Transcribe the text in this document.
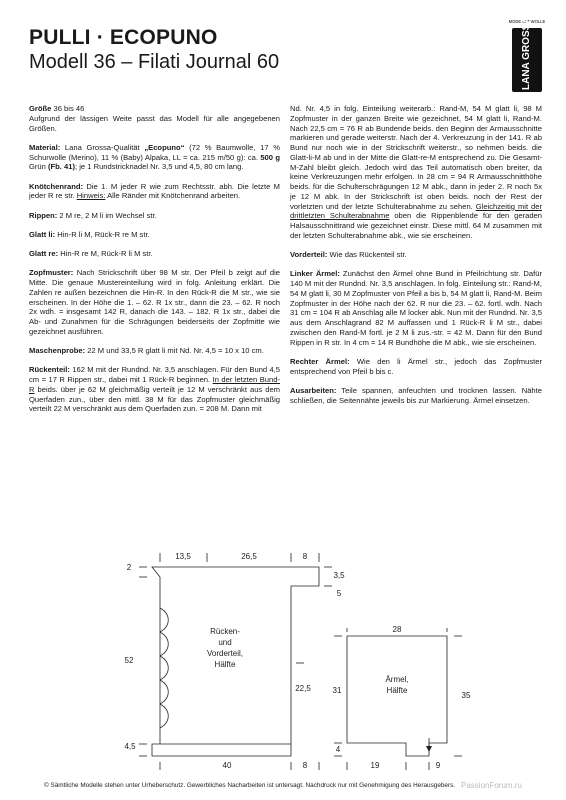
PULLI · ECOPUNO
Modell 36 – Filati Journal 60
MODE MIT WOLLE
LANA GROSSA

Größe 36 bis 46
Aufgrund der lässigen Weite passt das Modell für alle angegebenen Größen.

Material: Lana Grossa-Qualität „Ecopuno“ (72 % Baumwolle, 17 % Schurwolle (Merino), 11 % (Baby) Alpaka, LL = ca. 215 m/50 g): ca. 500 g Grün (Fb. 41); je 1 Rundstricknadel Nr. 3,5 und 4,5, 80 cm lang.

Knötchenrand: Die 1. M jeder R wie zum Rechtsstr. abh. Die letzte M jeder R re str. Hinweis: Alle Ränder mit Knötchenrand arbeiten.

Rippen: 2 M re, 2 M li im Wechsel str.

Glatt li: Hin-R li M, Rück-R re M str.

Glatt re: Hin-R re M, Rück-R li M str.

Zopfmuster: Nach Strickschrift über 98 M str. Der Pfeil b zeigt auf die Mitte. Die genaue Mustereinteilung wird in folg. Anleitung erklärt. Die Zahlen re außen bezeichnen die Hin-R. In den Rück-R die M str., wie sie erscheinen. In der Höhe die 1. – 62. R 1x str., dann die 23. – 62. R noch 2x wdh. = insgesamt 142 R, danach die 143. – 182. R 1x str., dabei die Ab- und Zunahmen für die Schrägungen beiderseits der Zopfmitte wie gezeichnet ausführen.

Maschenprobe: 22 M und 33,5 R glatt li mit Nd. Nr. 4,5 = 10 x 10 cm.

Rückenteil: 162 M mit der Rundnd. Nr. 3,5 anschlagen. Für den Bund 4,5 cm = 17 R Rippen str., dabei mit 1 Rück-R beginnen. In der letzten Bund-R beids. über je 62 M gleichmäßig verteilt je 12 M verschränkt aus dem Querfaden zun., über den mittl. 38 M für das Zopfmuster gleichmäßig verteilt 22 M verschränkt aus dem Querfaden zun. = 208 M. Dann mit

Nd. Nr. 4,5 in folg. Einteilung weiterarb.: Rand-M, 54 M glatt li, 98 M Zopfmuster in der ganzen Breite wie gezeichnet, 54 M glatt li, Rand-M. Nach 22,5 cm = 76 R ab Bundende beids. den Beginn der Armausschnitte markieren und gerade weiterstr. Nach der 4. Verkreuzung in der 141. R ab Bund nur noch wie in der Strickschrift weiterstr., so nehmen beids. die Glatt-li-M ab und in der Mitte die Glatt-re-M entsprechend zu. Die Gesamt-M-Zahl bleibt gleich. Jedoch wird das Teil automatisch oben breiter, da keine Verkreuzungen mehr erfolgen. In 28 cm = 94 R Armausschnitthöhe beids. für die Schulterschrägungen 12 M abk., dann in jeder 2. R noch 5x je 12 M abk. In der Strickschrift ist oben beids. noch der Rest der vorletzten und der letzte Schulterabnahme zu sehen. Gleichzeitig mit der drittletzten Schulterabnahme oben die Rippenblende für den geraden Halsausschnittrand wie gezeichnet einstr. Diese mittl. 64 M zusammen mit der letzten Schulterabnahme abk., wie sie erscheinen.

Vorderteil: Wie das Rückenteil str.

Linker Ärmel: Zunächst den Ärmel ohne Bund in Pfeilrichtung str. Dafür 140 M mit der Rundnd. Nr. 3,5 anschlagen. In folg. Einteilung str.: Rand-M, 54 M glatt li, 30 M Zopfmuster von Pfeil a bis b, 54 M glatt li, Rand-M. Beim Zopfmuster in der Höhe nach der 62. R nur die 23. – 62. fortl. wdh. Nach 31 cm = 104 R ab Anschlag alle M locker abk. Nun mit der Rundnd. Nr. 3,5 aus dem Anschlagrand 82 M auffassen und 1 Rück-R li M str., dabei zwischen den Rand-M fortl. je 2 M li zus.-str. = 42 M. Dann für den Bund Rippen in R str. In 4 cm = 14 R Bundhöhe die M abk., wie sie erscheinen.

Rechter Ärmel: Wie den li Ärmel str., jedoch das Zopfmuster entsprechend von Pfeil b bis c.

Ausarbeiten: Teile spannen, anfeuchten und trocknen lassen. Nähte schließen, die Seitennähte jeweils bis zur Markierung. Ärmel einsetzen.

13,5	26,5	8
2
3,5
5
52
22,5
4,5
40	8
Rücken-
und
Vorderteil,
Hälfte
28
31
35
4
19	9
Ärmel,
Hälfte
© Sämtliche Modelle stehen unter Urheberschutz. Gewerbliches Nacharbeiten ist untersagt. Nachdruck nur mit Genehmigung des Herausgebers. PassionForum.ru
